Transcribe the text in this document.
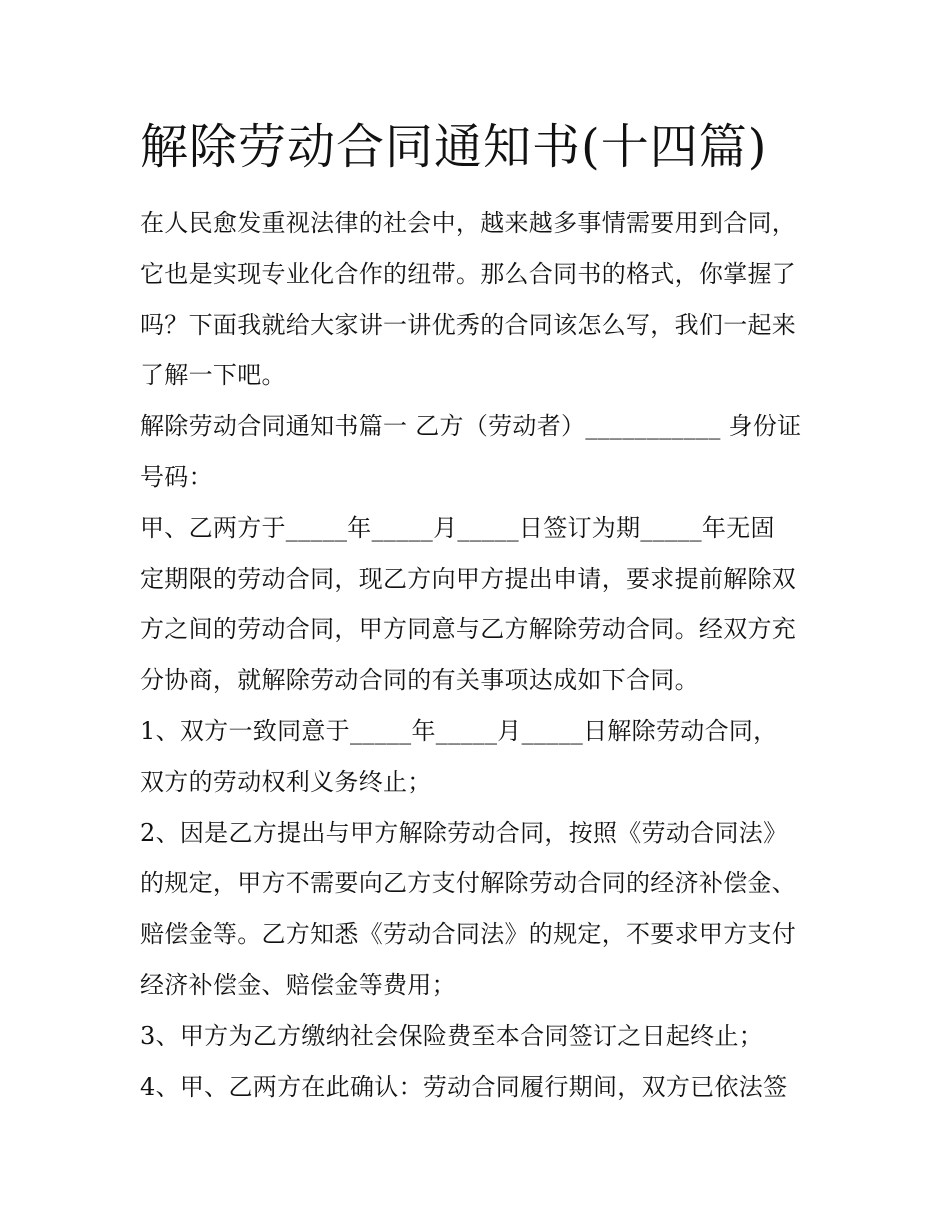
解除劳动合同通知书(十四篇)
在人民愈发重视法律的社会中，越来越多事情需要用到合同，
它也是实现专业化合作的纽带。那么合同书的格式，你掌握了
吗？下面我就给大家讲一讲优秀的合同该怎么写，我们一起来
了解一下吧。
解除劳动合同通知书篇一 乙方（劳动者）___________ 身份证
号码：
甲、乙两方于_____年_____月_____日签订为期_____年无固
定期限的劳动合同，现乙方向甲方提出申请，要求提前解除双
方之间的劳动合同，甲方同意与乙方解除劳动合同。经双方充
分协商，就解除劳动合同的有关事项达成如下合同。
1、双方一致同意于_____年_____月_____日解除劳动合同，
双方的劳动权利义务终止；
2、因是乙方提出与甲方解除劳动合同，按照《劳动合同法》
的规定，甲方不需要向乙方支付解除劳动合同的经济补偿金、
赔偿金等。乙方知悉《劳动合同法》的规定，不要求甲方支付
经济补偿金、赔偿金等费用；
3、甲方为乙方缴纳社会保险费至本合同签订之日起终止；
4、甲、乙两方在此确认：劳动合同履行期间，双方已依法签
